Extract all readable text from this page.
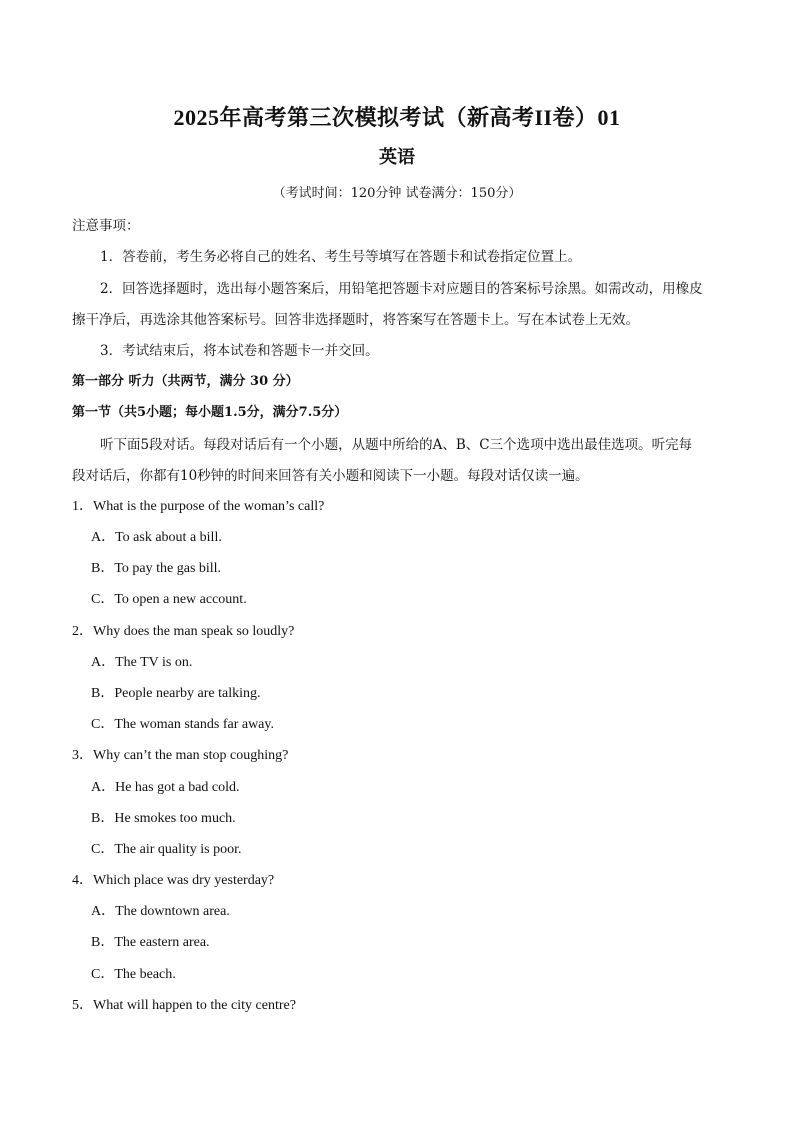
2025年高考第三次模拟考试（新高考II卷）01
英语
（考试时间：120分钟 试卷满分：150分）
注意事项：
1．答卷前，考生务必将自己的姓名、考生号等填写在答题卡和试卷指定位置上。
2．回答选择题时，选出每小题答案后，用铅笔把答题卡对应题目的答案标号涂黑。如需改动，用橡皮
擦干净后，再选涂其他答案标号。回答非选择题时，将答案写在答题卡上。写在本试卷上无效。
3．考试结束后，将本试卷和答题卡一并交回。
第一部分 听力（共两节，满分 30 分）
第一节（共5小题；每小题1.5分，满分7.5分）
听下面5段对话。每段对话后有一个小题，从题中所给的A、B、C三个选项中选出最佳选项。听完每
段对话后，你都有10秒钟的时间来回答有关小题和阅读下一小题。每段对话仅读一遍。
1．What is the purpose of the woman’s call?
A．To ask about a bill.
B．To pay the gas bill.
C．To open a new account.
2．Why does the man speak so loudly?
A．The TV is on.
B．People nearby are talking.
C．The woman stands far away.
3．Why can’t the man stop coughing?
A．He has got a bad cold.
B．He smokes too much.
C．The air quality is poor.
4．Which place was dry yesterday?
A．The downtown area.
B．The eastern area.
C．The beach.
5．What will happen to the city centre?
